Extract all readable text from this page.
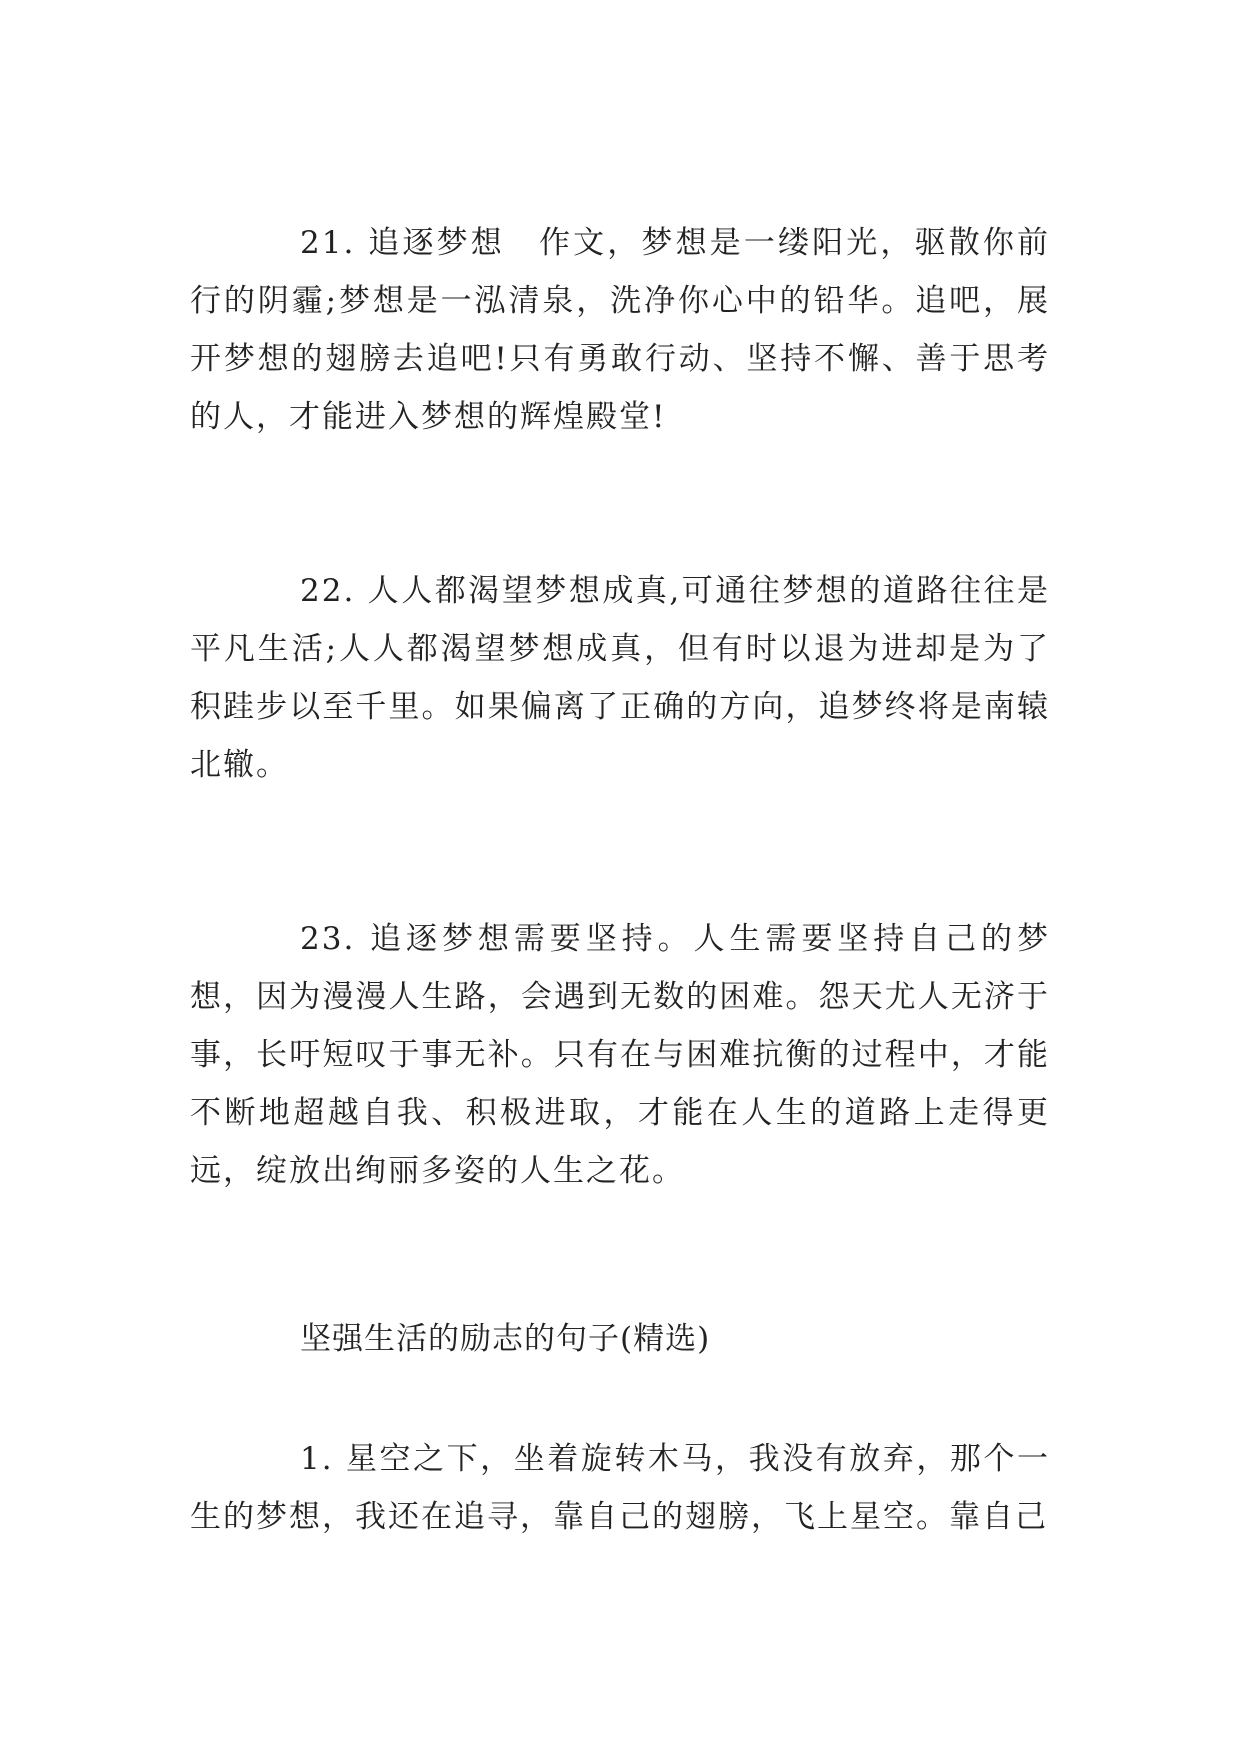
21. 追逐梦想　作文，梦想是一缕阳光，驱散你前行的阴霾;梦想是一泓清泉，洗净你心中的铅华。追吧，展开梦想的翅膀去追吧!只有勇敢行动、坚持不懈、善于思考的人，才能进入梦想的辉煌殿堂!

22. 人人都渴望梦想成真,可通往梦想的道路往往是平凡生活;人人都渴望梦想成真，但有时以退为进却是为了积跬步以至千里。如果偏离了正确的方向，追梦终将是南辕北辙。

23. 追逐梦想需要坚持。人生需要坚持自己的梦想，因为漫漫人生路，会遇到无数的困难。怨天尤人无济于事，长吁短叹于事无补。只有在与困难抗衡的过程中，才能不断地超越自我、积极进取，才能在人生的道路上走得更远，绽放出绚丽多姿的人生之花。

坚强生活的励志的句子(精选)

1. 星空之下，坐着旋转木马，我没有放弃，那个一生的梦想，我还在追寻，靠自己的翅膀，飞上星空。靠自己
